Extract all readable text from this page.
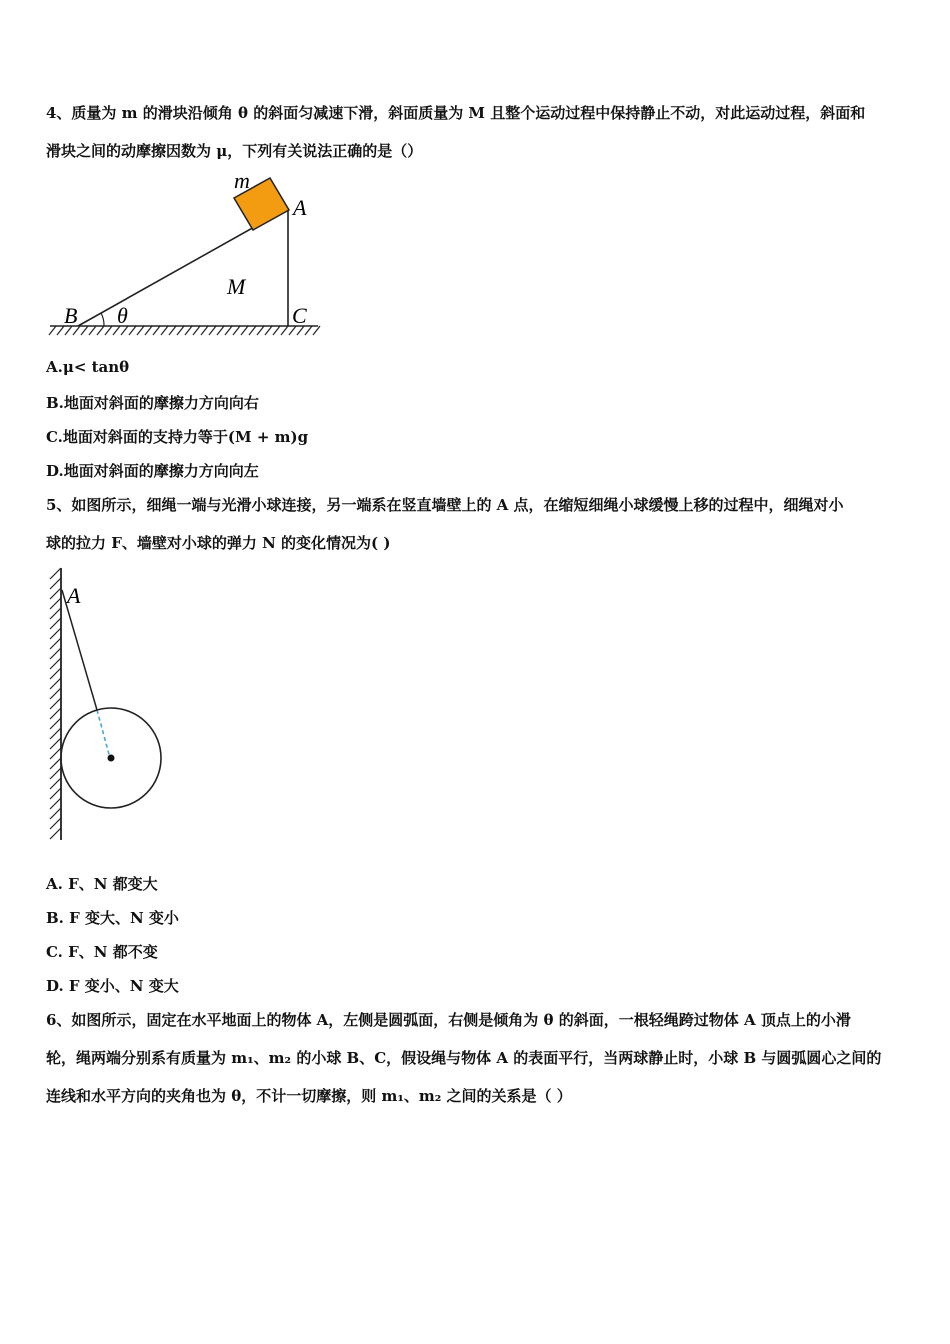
4、质量为 m 的滑块沿倾角 θ 的斜面匀减速下滑，斜面质量为 M 且整个运动过程中保持静止不动，对此运动过程，斜面和
滑块之间的动摩擦因数为 μ，下列有关说法正确的是（）
m
A
M
B θ	C
A.μ< tanθ
B.地面对斜面的摩擦力方向向右
C.地面对斜面的支持力等于(M + m)g
D.地面对斜面的摩擦力方向向左
5、如图所示，细绳一端与光滑小球连接，另一端系在竖直墙壁上的 A 点，在缩短细绳小球缓慢上移的过程中，细绳对小
球的拉力 F、墙壁对小球的弹力 N 的变化情况为( )
A
A. F、N 都变大
B. F 变大、N 变小
C. F、N 都不变
D. F 变小、N 变大
6、如图所示，固定在水平地面上的物体 A，左侧是圆弧面，右侧是倾角为 θ 的斜面，一根轻绳跨过物体 A 顶点上的小滑
轮，绳两端分别系有质量为 m₁、m₂ 的小球 B、C，假设绳与物体 A 的表面平行，当两球静止时，小球 B 与圆弧圆心之间的
连线和水平方向的夹角也为 θ，不计一切摩擦，则 m₁、m₂ 之间的关系是（ ）
